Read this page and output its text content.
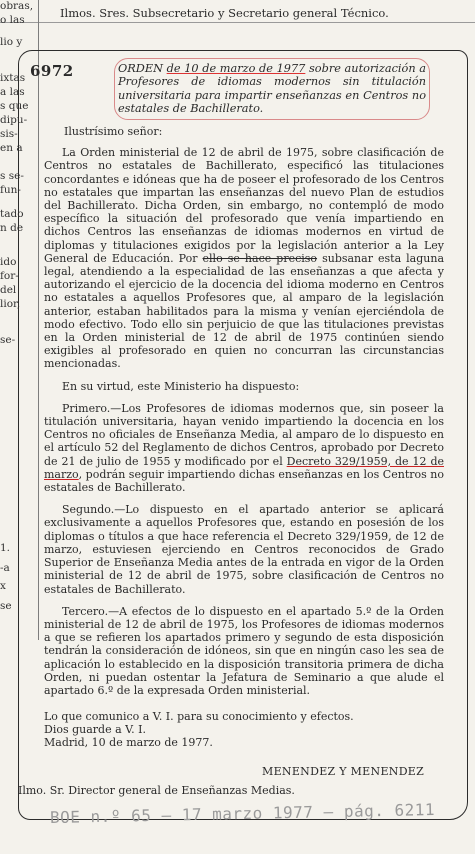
Ilmos. Sres. Subsecretario y Secretario general Técnico.
obras,
o las
lio y
ixtas
a las
s que
dipu-
sis-
en a
s se-
fun-
tado
n de
ido
for-
del
lior,
se-
1.
-a
x
se
6972	ORDEN de 10 de marzo de 1977 sobre autorización a Profesores de idiomas modernos sin titulación universitaria para impartir enseñanzas en Centros no estatales de Bachillerato.

Ilustrísimo señor:

La Orden ministerial de 12 de abril de 1975, sobre clasificación de Centros no estatales de Bachillerato, especificó las titulaciones concordantes e idóneas que ha de poseer el profesorado de los Centros no estatales que impartan las enseñanzas del nuevo Plan de estudios del Bachillerato. Dicha Orden, sin embargo, no contempló de modo específico la situación del profesorado que venía impartiendo en dichos Centros las enseñanzas de idiomas modernos en virtud de diplomas y titulaciones exigidos por la legislación anterior a la Ley General de Educación. Por ello se hace preciso subsanar esta laguna legal, atendiendo a la especialidad de las enseñanzas a que afecta y autorizando el ejercicio de la docencia del idioma moderno en Centros no estatales a aquellos Profesores que, al amparo de la legislación anterior, estaban habilitados para la misma y venían ejerciéndola de modo efectivo. Todo ello sin perjuicio de que las titulaciones previstas en la Orden ministerial de 12 de abril de 1975 continúen siendo exigibles al profesorado en quien no concurran las circunstancias mencionadas.

En su virtud, este Ministerio ha dispuesto:

Primero.—Los Profesores de idiomas modernos que, sin poseer la titulación universitaria, hayan venido impartiendo la docencia en los Centros no oficiales de Enseñanza Media, al amparo de lo dispuesto en el artículo 52 del Reglamento de dichos Centros, aprobado por Decreto de 21 de julio de 1955 y modificado por el Decreto 329/1959, de 12 de marzo, podrán seguir impartiendo dichas enseñanzas en los Centros no estatales de Bachillerato.

Segundo.—Lo dispuesto en el apartado anterior se aplicará exclusivamente a aquellos Profesores que, estando en posesión de los diplomas o títulos a que hace referencia el Decreto 329/1959, de 12 de marzo, estuviesen ejerciendo en Centros reconocidos de Grado Superior de Enseñanza Media antes de la entrada en vigor de la Orden ministerial de 12 de abril de 1975, sobre clasificación de Centros no estatales de Bachillerato.

Tercero.—A efectos de lo dispuesto en el apartado 5.º de la Orden ministerial de 12 de abril de 1975, los Profesores de idiomas modernos a que se refieren los apartados primero y segundo de esta disposición tendrán la consideración de idóneos, sin que en ningún caso les sea de aplicación lo establecido en la disposición transitoria primera de dicha Orden, ni puedan ostentar la Jefatura de Seminario a que alude el apartado 6.º de la expresada Orden ministerial.

Lo que comunico a V. I. para su conocimiento y efectos.
Dios guarde a V. I.
Madrid, 10 de marzo de 1977.
MENENDEZ Y MENENDEZ
Ilmo. Sr. Director general de Enseñanzas Medias.
BOE n.º 65 – 17 marzo 1977 – pág. 6211
